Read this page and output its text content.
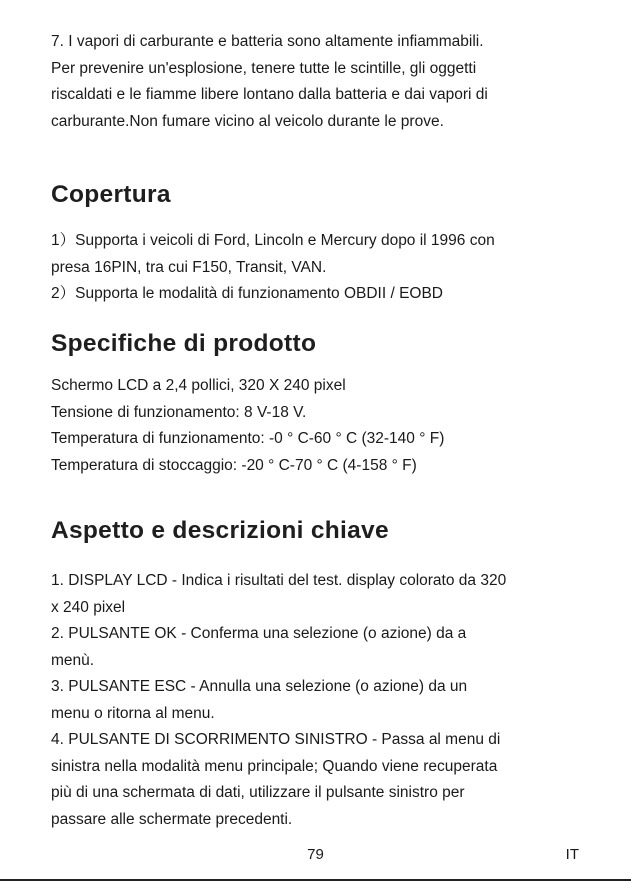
7. I vapori di carburante e batteria sono altamente infiammabili.
Per prevenire un'esplosione, tenere tutte le scintille, gli oggetti
riscaldati e le fiamme libere lontano dalla batteria e dai vapori di
carburante.Non fumare vicino al veicolo durante le prove.
Copertura
1）Supporta i veicoli di Ford, Lincoln e Mercury dopo il 1996 con
presa 16PIN, tra cui F150, Transit, VAN.
2）Supporta le modalità di funzionamento OBDII / EOBD
Specifiche di prodotto
Schermo LCD a 2,4 pollici, 320 X 240 pixel
Tensione di funzionamento: 8 V-18 V.
Temperatura di funzionamento: -0 ° C-60 ° C (32-140 ° F)
Temperatura di stoccaggio: -20 ° C-70 ° C (4-158 ° F)
Aspetto e descrizioni chiave
1. DISPLAY LCD - Indica i risultati del test. display colorato da 320
x 240 pixel
2. PULSANTE OK - Conferma una selezione (o azione) da a
menù.
3. PULSANTE ESC - Annulla una selezione (o azione) da un
menu o ritorna al menu.
4. PULSANTE DI SCORRIMENTO SINISTRO - Passa al menu di
sinistra nella modalità menu principale; Quando viene recuperata
più di una schermata di dati, utilizzare il pulsante sinistro per
passare alle schermate precedenti.
79	IT
